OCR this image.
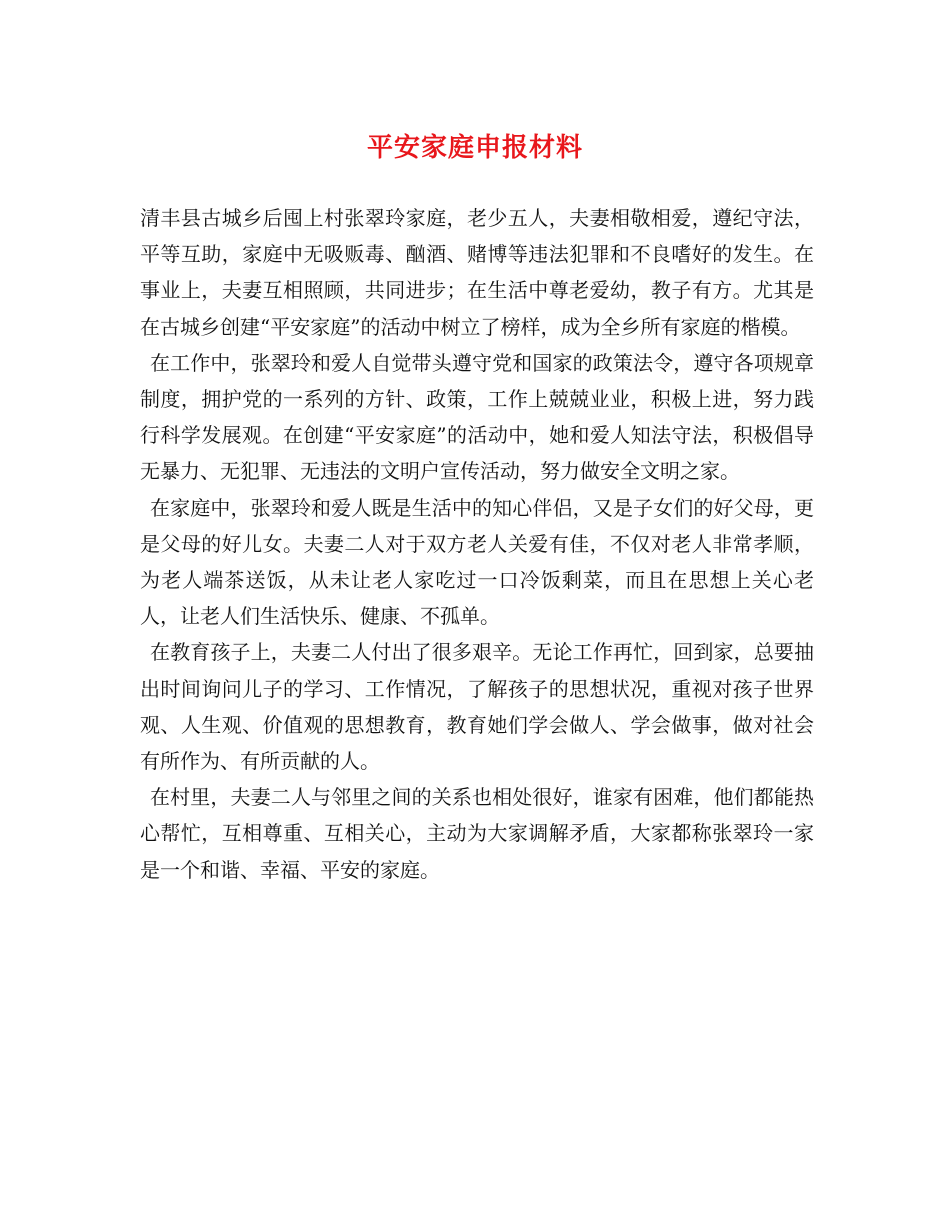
平安家庭申报材料

清丰县古城乡后囤上村张翠玲家庭，老少五人，夫妻相敬相爱，遵纪守法，平等互助，家庭中无吸贩毒、酗酒、赌博等违法犯罪和不良嗜好的发生。在事业上，夫妻互相照顾，共同进步；在生活中尊老爱幼，教子有方。尤其是在古城乡创建“平安家庭”的活动中树立了榜样，成为全乡所有家庭的楷模。

在工作中，张翠玲和爱人自觉带头遵守党和国家的政策法令，遵守各项规章制度，拥护党的一系列的方针、政策，工作上兢兢业业，积极上进，努力践行科学发展观。在创建“平安家庭”的活动中，她和爱人知法守法，积极倡导无暴力、无犯罪、无违法的文明户宣传活动，努力做安全文明之家。

在家庭中，张翠玲和爱人既是生活中的知心伴侣，又是子女们的好父母，更是父母的好儿女。夫妻二人对于双方老人关爱有佳，不仅对老人非常孝顺，为老人端茶送饭，从未让老人家吃过一口冷饭剩菜，而且在思想上关心老人，让老人们生活快乐、健康、不孤单。

在教育孩子上，夫妻二人付出了很多艰辛。无论工作再忙，回到家，总要抽出时间询问儿子的学习、工作情况，了解孩子的思想状况，重视对孩子世界观、人生观、价值观的思想教育，教育她们学会做人、学会做事，做对社会有所作为、有所贡献的人。

在村里，夫妻二人与邻里之间的关系也相处很好，谁家有困难，他们都能热心帮忙，互相尊重、互相关心，主动为大家调解矛盾，大家都称张翠玲一家是一个和谐、幸福、平安的家庭。
